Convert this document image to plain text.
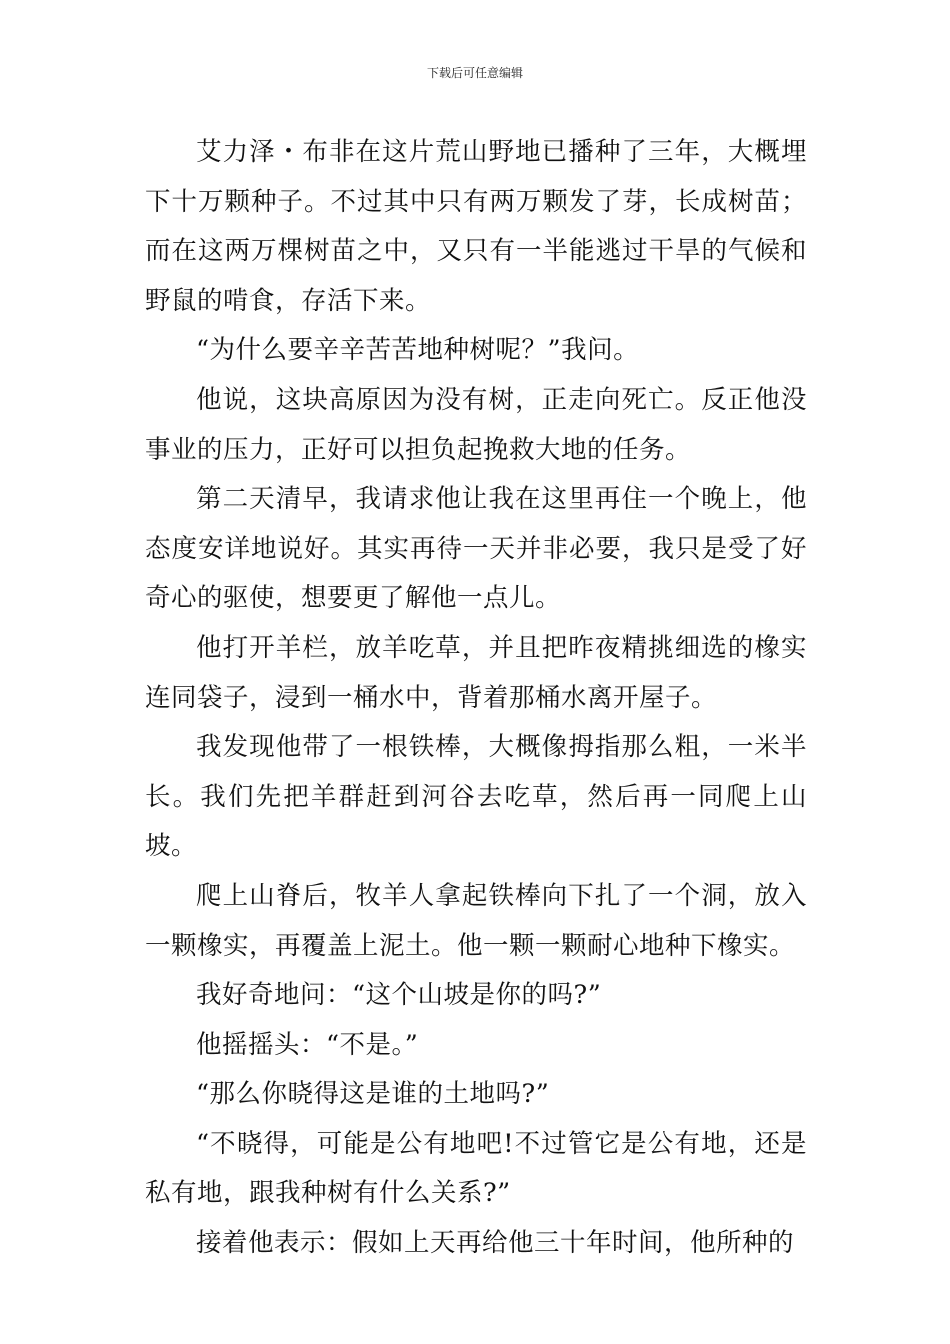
下载后可任意编辑

艾力泽・布非在这片荒山野地已播种了三年，大概埋下十万颗种子。不过其中只有两万颗发了芽，长成树苗；而在这两万棵树苗之中，又只有一半能逃过干旱的气候和野鼠的啃食，存活下来。

“为什么要辛辛苦苦地种树呢？”我问。

他说，这块高原因为没有树，正走向死亡。反正他没事业的压力，正好可以担负起挽救大地的任务。

第二天清早，我请求他让我在这里再住一个晚上，他态度安详地说好。其实再待一天并非必要，我只是受了好奇心的驱使，想要更了解他一点儿。

他打开羊栏，放羊吃草，并且把昨夜精挑细选的橡实连同袋子，浸到一桶水中，背着那桶水离开屋子。

我发现他带了一根铁棒，大概像拇指那么粗，一米半长。我们先把羊群赶到河谷去吃草，然后再一同爬上山坡。

爬上山脊后，牧羊人拿起铁棒向下扎了一个洞，放入一颗橡实，再覆盖上泥土。他一颗一颗耐心地种下橡实。

我好奇地问：“这个山坡是你的吗?”

他摇摇头：“不是。”

“那么你晓得这是谁的土地吗?”

“不晓得，可能是公有地吧!不过管它是公有地，还是私有地，跟我种树有什么关系?”

接着他表示：假如上天再给他三十年时间，他所种的
